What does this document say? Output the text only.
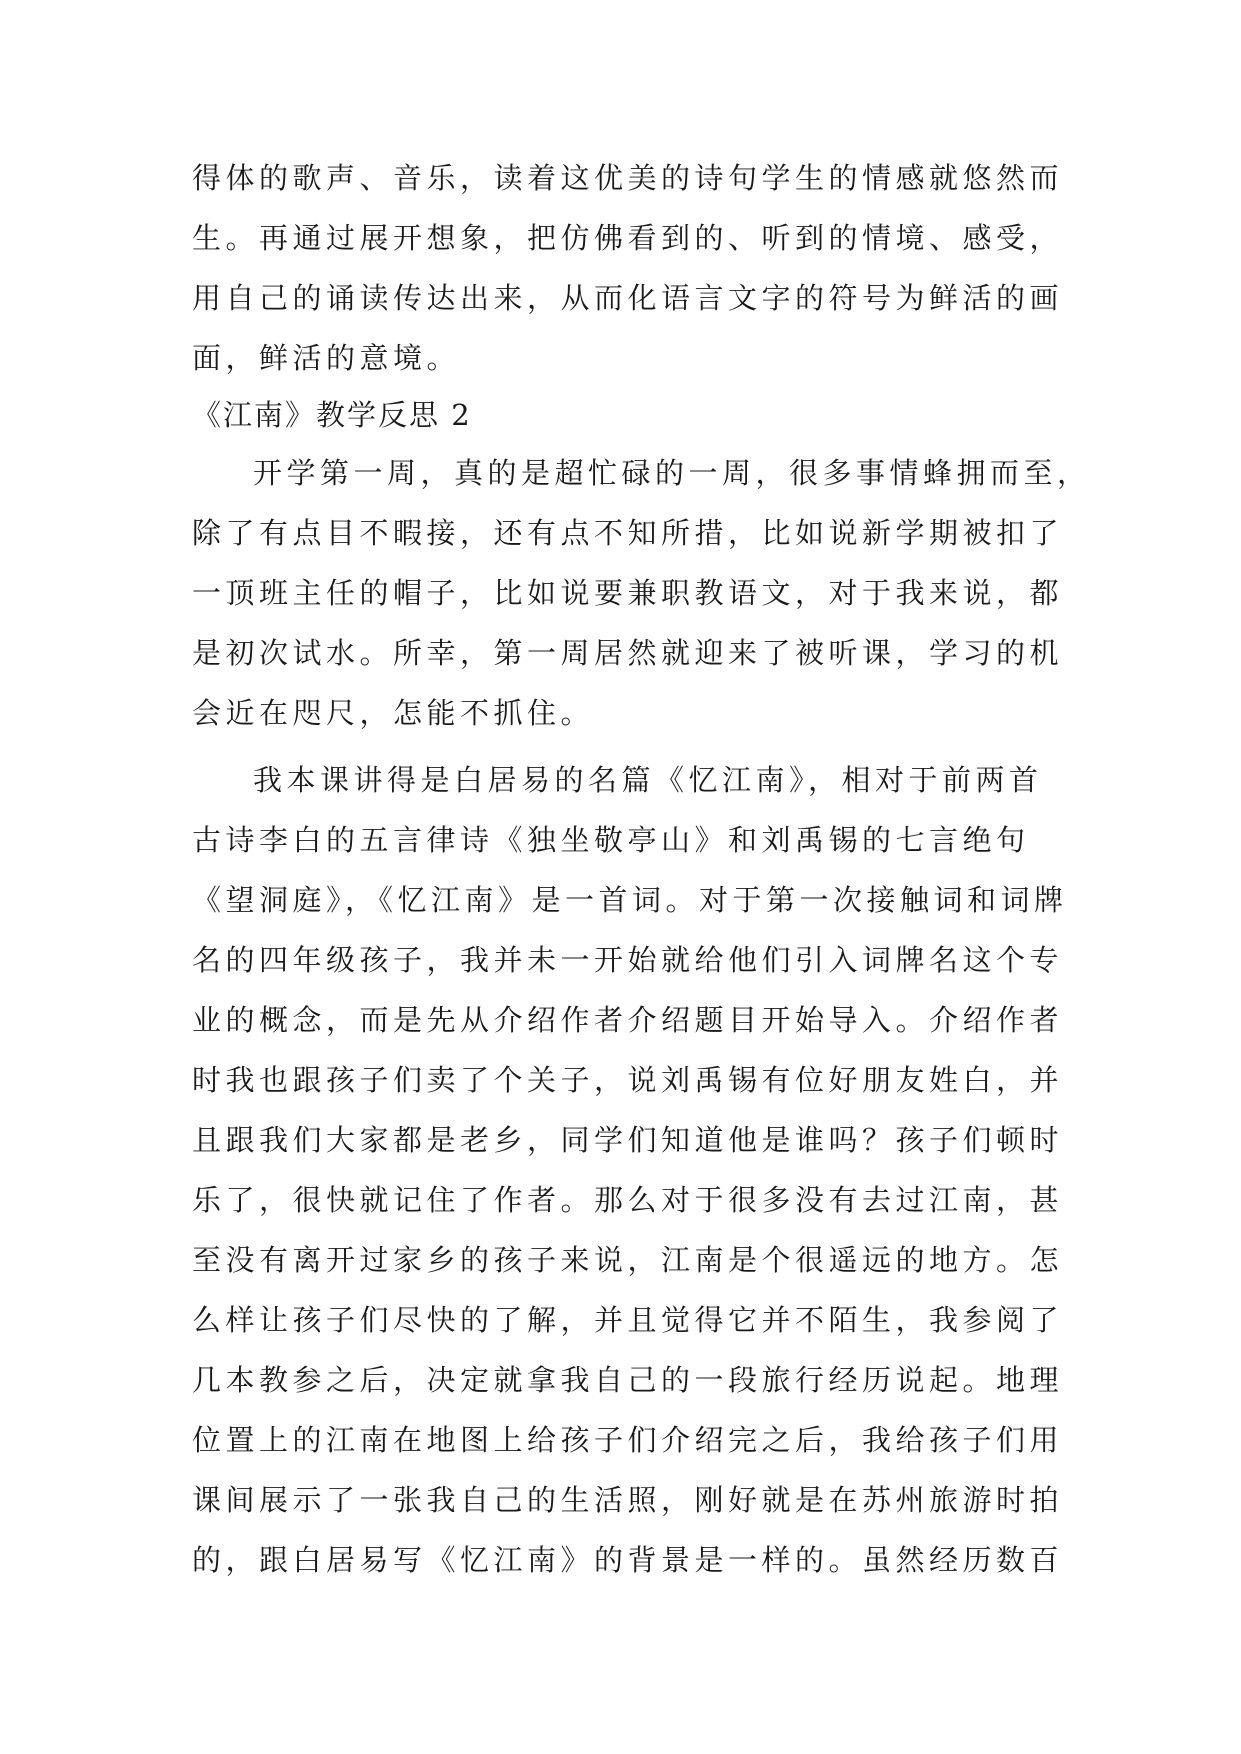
得体的歌声、音乐，读着这优美的诗句学生的情感就悠然而
生。再通过展开想象，把仿佛看到的、听到的情境、感受，
用自己的诵读传达出来，从而化语言文字的符号为鲜活的画
面，鲜活的意境。
《江南》教学反思 2
开学第一周，真的是超忙碌的一周，很多事情蜂拥而至，
除了有点目不暇接，还有点不知所措，比如说新学期被扣了
一顶班主任的帽子，比如说要兼职教语文，对于我来说，都
是初次试水。所幸，第一周居然就迎来了被听课，学习的机
会近在咫尺，怎能不抓住。
我本课讲得是白居易的名篇《忆江南》，相对于前两首
古诗李白的五言律诗《独坐敬亭山》和刘禹锡的七言绝句
《望洞庭》，《忆江南》是一首词。对于第一次接触词和词牌
名的四年级孩子，我并未一开始就给他们引入词牌名这个专
业的概念，而是先从介绍作者介绍题目开始导入。介绍作者
时我也跟孩子们卖了个关子，说刘禹锡有位好朋友姓白，并
且跟我们大家都是老乡，同学们知道他是谁吗？孩子们顿时
乐了，很快就记住了作者。那么对于很多没有去过江南，甚
至没有离开过家乡的孩子来说，江南是个很遥远的地方。怎
么样让孩子们尽快的了解，并且觉得它并不陌生，我参阅了
几本教参之后，决定就拿我自己的一段旅行经历说起。地理
位置上的江南在地图上给孩子们介绍完之后，我给孩子们用
课间展示了一张我自己的生活照，刚好就是在苏州旅游时拍
的，跟白居易写《忆江南》的背景是一样的。虽然经历数百
